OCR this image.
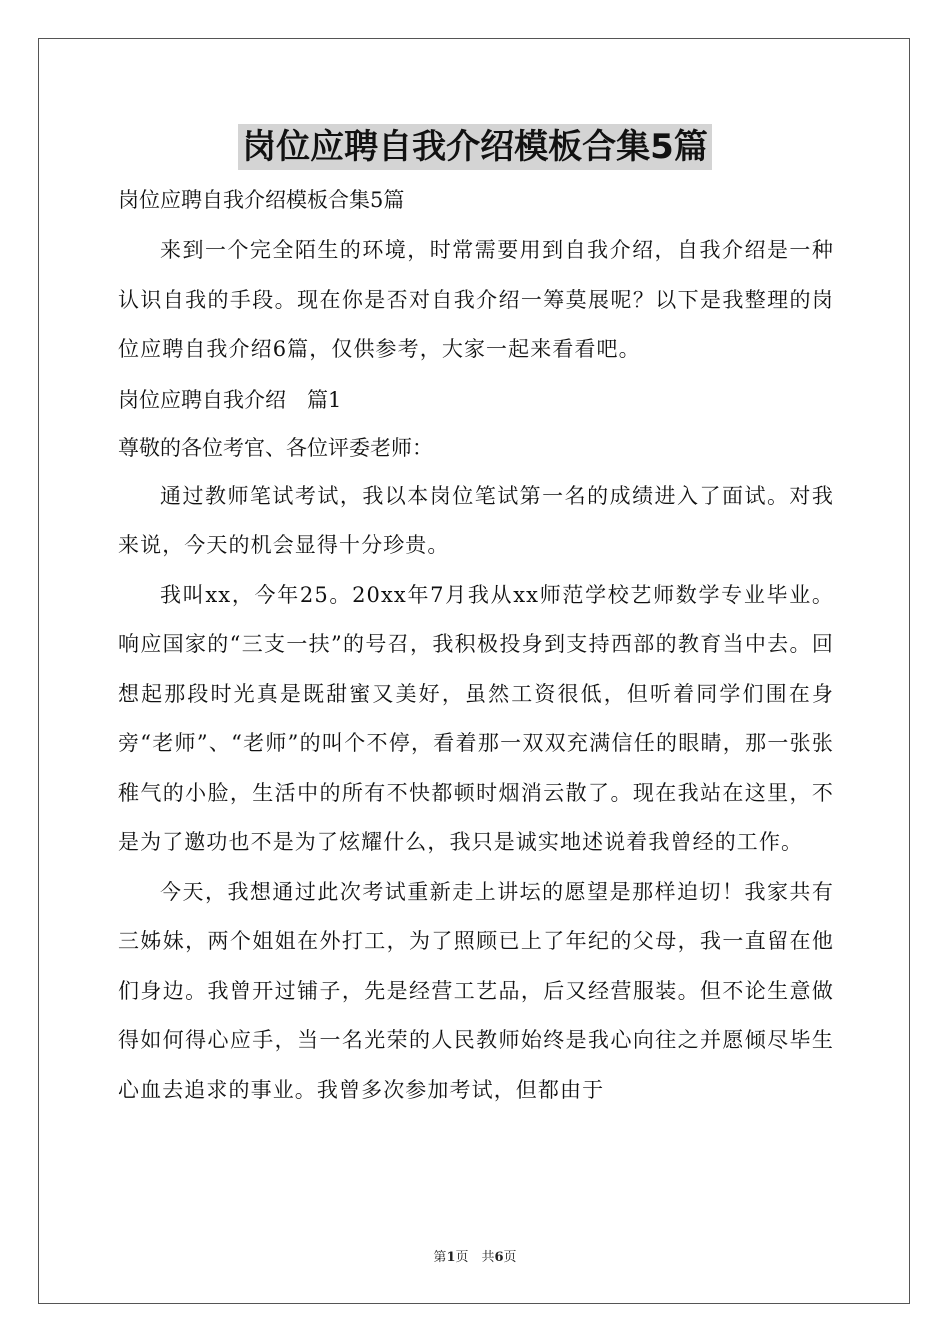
岗位应聘自我介绍模板合集5篇

岗位应聘自我介绍模板合集5篇

来到一个完全陌生的环境，时常需要用到自我介绍，自我介绍是一种认识自我的手段。现在你是否对自我介绍一筹莫展呢？以下是我整理的岗位应聘自我介绍6篇，仅供参考，大家一起来看看吧。

岗位应聘自我介绍　篇1

尊敬的各位考官、各位评委老师：

通过教师笔试考试，我以本岗位笔试第一名的成绩进入了面试。对我来说，今天的机会显得十分珍贵。

我叫xx，今年25。20xx年7月我从xx师范学校艺师数学专业毕业。响应国家的“三支一扶”的号召，我积极投身到支持西部的教育当中去。回想起那段时光真是既甜蜜又美好，虽然工资很低，但听着同学们围在身旁“老师”、“老师”的叫个不停，看着那一双双充满信任的眼睛，那一张张稚气的小脸，生活中的所有不快都顿时烟消云散了。现在我站在这里，不是为了邀功也不是为了炫耀什么，我只是诚实地述说着我曾经的工作。

今天，我想通过此次考试重新走上讲坛的愿望是那样迫切！我家共有三姊妹，两个姐姐在外打工，为了照顾已上了年纪的父母，我一直留在他们身边。我曾开过铺子，先是经营工艺品，后又经营服装。但不论生意做得如何得心应手，当一名光荣的人民教师始终是我心向往之并愿倾尽毕生心血去追求的事业。我曾多次参加考试，但都由于

第1页　共6页
